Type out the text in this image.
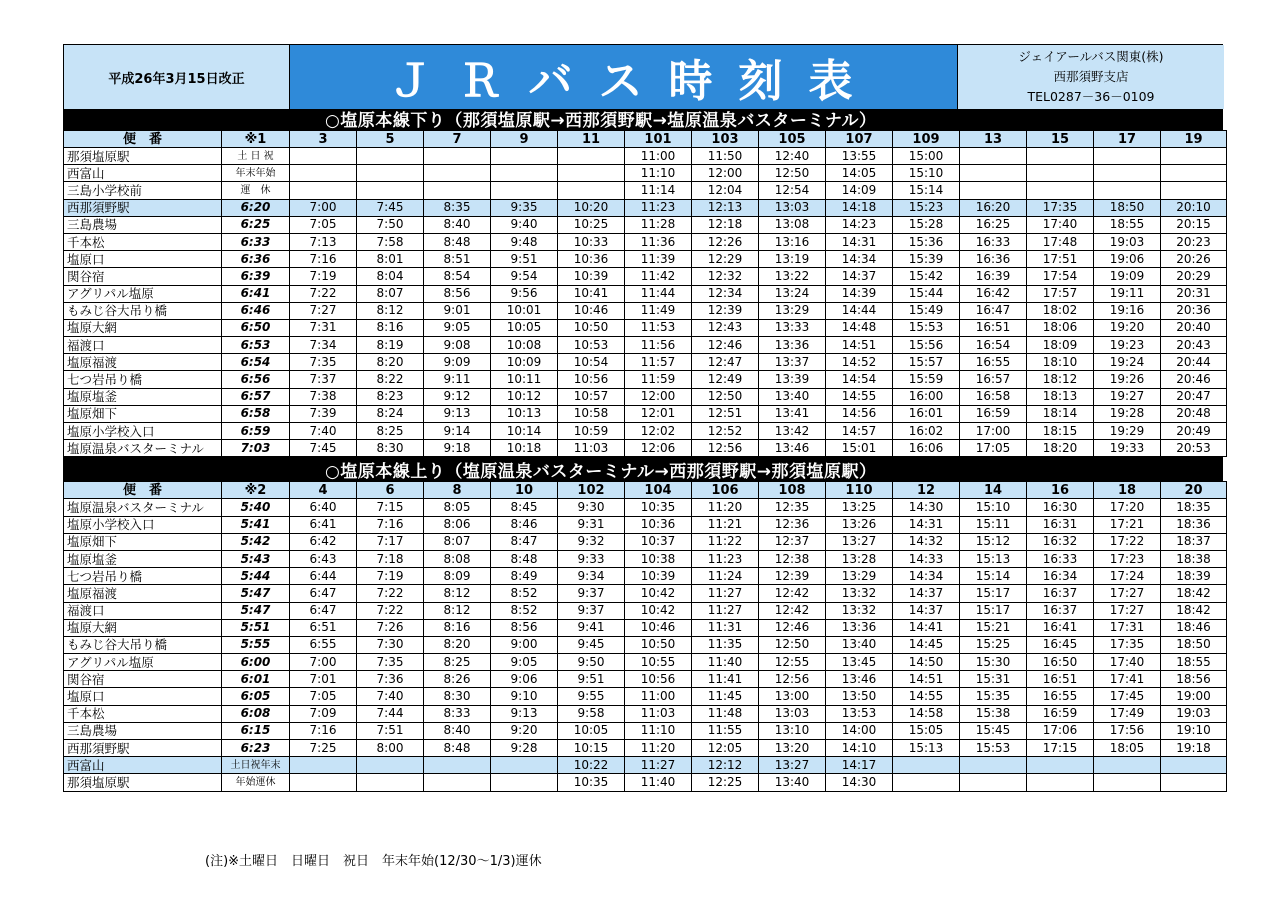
平成26年3月15日改正	ＪＲバス時刻表	ジェイアールバス関東(株)
西那須野支店
TEL0287－36－0109
○塩原本線下り（那須塩原駅→西那須野駅→塩原温泉バスターミナル）
便　番	※1	3	5	7	9	11	101	103	105	107	109	13	15	17	19
那須塩原駅	土 日 祝						11:00	11:50	12:40	13:55	15:00				
西富山	年末年始						11:10	12:00	12:50	14:05	15:10				
三島小学校前	運　休						11:14	12:04	12:54	14:09	15:14				
西那須野駅	6:20	7:00	7:45	8:35	9:35	10:20	11:23	12:13	13:03	14:18	15:23	16:20	17:35	18:50	20:10
三島農場	6:25	7:05	7:50	8:40	9:40	10:25	11:28	12:18	13:08	14:23	15:28	16:25	17:40	18:55	20:15
千本松	6:33	7:13	7:58	8:48	9:48	10:33	11:36	12:26	13:16	14:31	15:36	16:33	17:48	19:03	20:23
塩原口	6:36	7:16	8:01	8:51	9:51	10:36	11:39	12:29	13:19	14:34	15:39	16:36	17:51	19:06	20:26
関谷宿	6:39	7:19	8:04	8:54	9:54	10:39	11:42	12:32	13:22	14:37	15:42	16:39	17:54	19:09	20:29
アグリパル塩原	6:41	7:22	8:07	8:56	9:56	10:41	11:44	12:34	13:24	14:39	15:44	16:42	17:57	19:11	20:31
もみじ谷大吊り橋	6:46	7:27	8:12	9:01	10:01	10:46	11:49	12:39	13:29	14:44	15:49	16:47	18:02	19:16	20:36
塩原大網	6:50	7:31	8:16	9:05	10:05	10:50	11:53	12:43	13:33	14:48	15:53	16:51	18:06	19:20	20:40
福渡口	6:53	7:34	8:19	9:08	10:08	10:53	11:56	12:46	13:36	14:51	15:56	16:54	18:09	19:23	20:43
塩原福渡	6:54	7:35	8:20	9:09	10:09	10:54	11:57	12:47	13:37	14:52	15:57	16:55	18:10	19:24	20:44
七つ岩吊り橋	6:56	7:37	8:22	9:11	10:11	10:56	11:59	12:49	13:39	14:54	15:59	16:57	18:12	19:26	20:46
塩原塩釜	6:57	7:38	8:23	9:12	10:12	10:57	12:00	12:50	13:40	14:55	16:00	16:58	18:13	19:27	20:47
塩原畑下	6:58	7:39	8:24	9:13	10:13	10:58	12:01	12:51	13:41	14:56	16:01	16:59	18:14	19:28	20:48
塩原小学校入口	6:59	7:40	8:25	9:14	10:14	10:59	12:02	12:52	13:42	14:57	16:02	17:00	18:15	19:29	20:49
塩原温泉バスターミナル	7:03	7:45	8:30	9:18	10:18	11:03	12:06	12:56	13:46	15:01	16:06	17:05	18:20	19:33	20:53
○塩原本線上り（塩原温泉バスターミナル→西那須野駅→那須塩原駅）
便　番	※2	4	6	8	10	102	104	106	108	110	12	14	16	18	20
塩原温泉バスターミナル	5:40	6:40	7:15	8:05	8:45	9:30	10:35	11:20	12:35	13:25	14:30	15:10	16:30	17:20	18:35
塩原小学校入口	5:41	6:41	7:16	8:06	8:46	9:31	10:36	11:21	12:36	13:26	14:31	15:11	16:31	17:21	18:36
塩原畑下	5:42	6:42	7:17	8:07	8:47	9:32	10:37	11:22	12:37	13:27	14:32	15:12	16:32	17:22	18:37
塩原塩釜	5:43	6:43	7:18	8:08	8:48	9:33	10:38	11:23	12:38	13:28	14:33	15:13	16:33	17:23	18:38
七つ岩吊り橋	5:44	6:44	7:19	8:09	8:49	9:34	10:39	11:24	12:39	13:29	14:34	15:14	16:34	17:24	18:39
塩原福渡	5:47	6:47	7:22	8:12	8:52	9:37	10:42	11:27	12:42	13:32	14:37	15:17	16:37	17:27	18:42
福渡口	5:47	6:47	7:22	8:12	8:52	9:37	10:42	11:27	12:42	13:32	14:37	15:17	16:37	17:27	18:42
塩原大網	5:51	6:51	7:26	8:16	8:56	9:41	10:46	11:31	12:46	13:36	14:41	15:21	16:41	17:31	18:46
もみじ谷大吊り橋	5:55	6:55	7:30	8:20	9:00	9:45	10:50	11:35	12:50	13:40	14:45	15:25	16:45	17:35	18:50
アグリパル塩原	6:00	7:00	7:35	8:25	9:05	9:50	10:55	11:40	12:55	13:45	14:50	15:30	16:50	17:40	18:55
関谷宿	6:01	7:01	7:36	8:26	9:06	9:51	10:56	11:41	12:56	13:46	14:51	15:31	16:51	17:41	18:56
塩原口	6:05	7:05	7:40	8:30	9:10	9:55	11:00	11:45	13:00	13:50	14:55	15:35	16:55	17:45	19:00
千本松	6:08	7:09	7:44	8:33	9:13	9:58	11:03	11:48	13:03	13:53	14:58	15:38	16:59	17:49	19:03
三島農場	6:15	7:16	7:51	8:40	9:20	10:05	11:10	11:55	13:10	14:00	15:05	15:45	17:06	17:56	19:10
西那須野駅	6:23	7:25	8:00	8:48	9:28	10:15	11:20	12:05	13:20	14:10	15:13	15:53	17:15	18:05	19:18
西富山	土日祝年末					10:22	11:27	12:12	13:27	14:17					
那須塩原駅	年始運休					10:35	11:40	12:25	13:40	14:30					
(注)※土曜日　日曜日　祝日　年末年始(12/30～1/3)運休
